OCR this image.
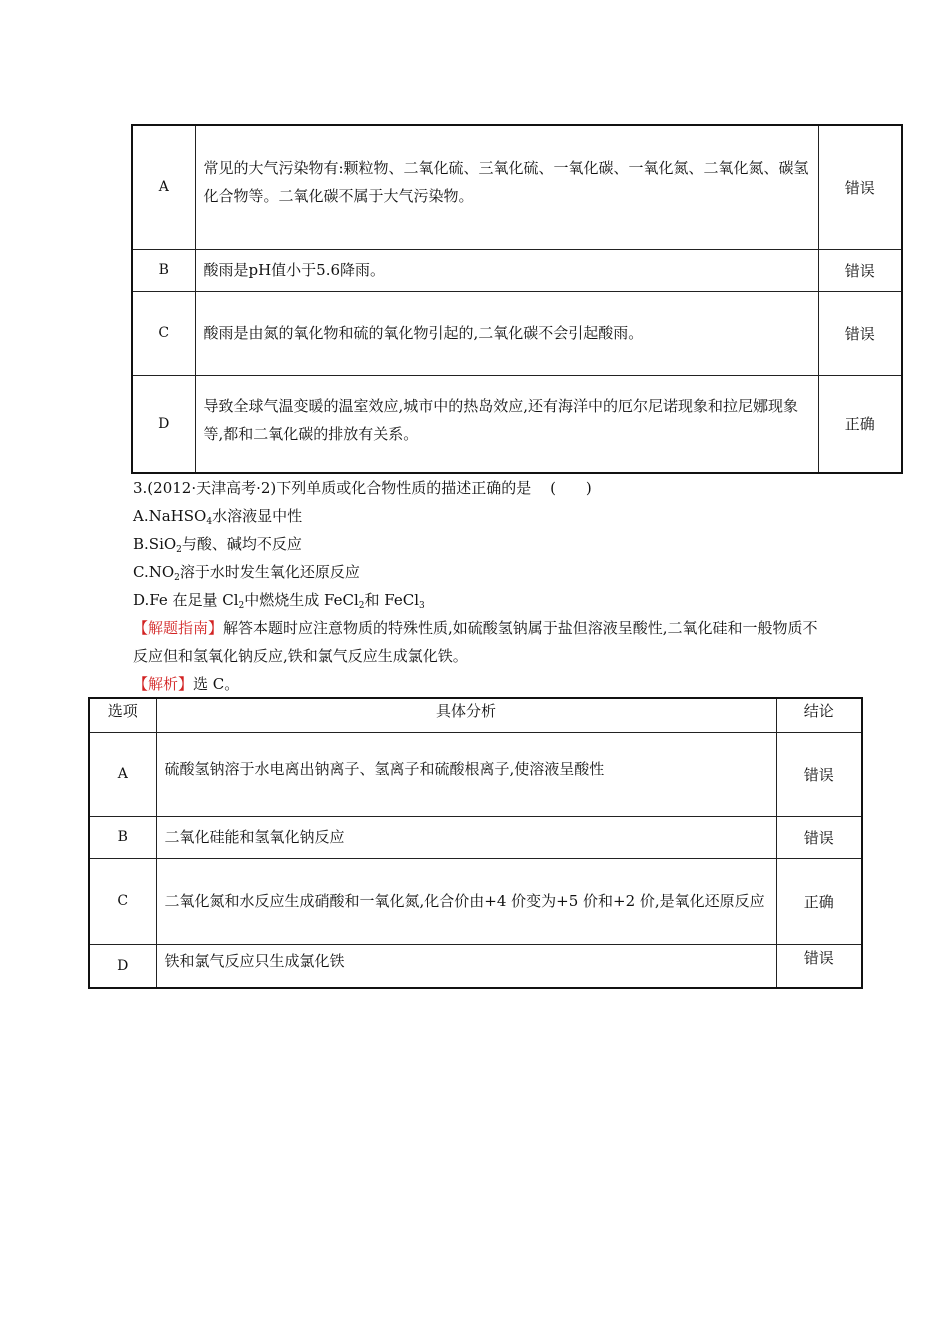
A	常见的大气污染物有:颗粒物、二氧化硫、三氧化硫、一氧化碳、一氧化氮、二氧化氮、碳氢化合物等。二氧化碳不属于大气污染物。	错误
B	酸雨是pH值小于5.6降雨。	错误
C	酸雨是由氮的氧化物和硫的氧化物引起的,二氧化碳不会引起酸雨。	错误
D	导致全球气温变暖的温室效应,城市中的热岛效应,还有海洋中的厄尔尼诺现象和拉尼娜现象等,都和二氧化碳的排放有关系。	正确
3.(2012·天津高考·2)下列单质或化合物性质的描述正确的是 (　　)
A.NaHSO$_4$水溶液显中性
B.SiO$_2$与酸、碱均不反应
$C.NO_2$溶于水时发生氧化还原反应
D.Fe 在足量 $Cl_2$中燃烧生成 FeCl$_2$和 FeCl$_3$
【解题指南】解答本题时应注意物质的特殊性质,如硫酸氢钠属于盐但溶液呈酸性,二氧化硅和一般物质不反应但和氢氧化钠反应,铁和氯气反应生成氯化铁。
【解析】选 C。
选项	具体分析	结论
A	硫酸氢钠溶于水电离出钠离子、氢离子和硫酸根离子,使溶液呈酸性	错误
B	二氧化硅能和氢氧化钠反应	错误
C	二氧化氮和水反应生成硝酸和一氧化氮,化合价由+4 价变为+5 价和+2 价,是氧化还原反应	正确
D	铁和氯气反应只生成氯化铁	错误
